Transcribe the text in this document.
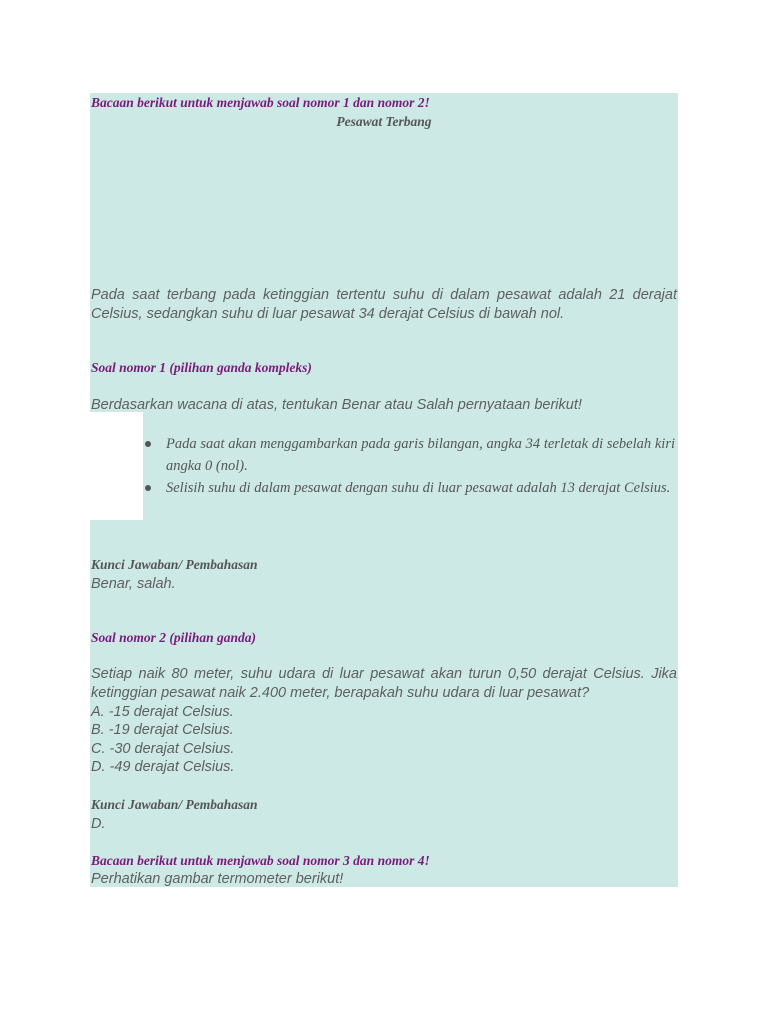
Bacaan berikut untuk menjawab soal nomor 1 dan nomor 2!

Pesawat Terbang

Pada saat terbang pada ketinggian tertentu suhu di dalam pesawat adalah 21 derajat Celsius, sedangkan suhu di luar pesawat 34 derajat Celsius di bawah nol.

Soal nomor 1 (pilihan ganda kompleks)

Berdasarkan wacana di atas, tentukan Benar atau Salah pernyataan berikut!

Pada saat akan menggambarkan pada garis bilangan, angka 34 terletak di sebelah kiri angka 0 (nol).

Selisih suhu di dalam pesawat dengan suhu di luar pesawat adalah 13 derajat Celsius.

Kunci Jawaban/ Pembahasan

Benar, salah.

Soal nomor 2 (pilihan ganda)

Setiap naik 80 meter, suhu udara di luar pesawat akan turun 0,50 derajat Celsius. Jika ketinggian pesawat naik 2.400 meter, berapakah suhu udara di luar pesawat?

A. -15 derajat Celsius.

B. -19 derajat Celsius.

C. -30 derajat Celsius.

D. -49 derajat Celsius.

Kunci Jawaban/ Pembahasan

D.

Bacaan berikut untuk menjawab soal nomor 3 dan nomor 4!

Perhatikan gambar termometer berikut!
